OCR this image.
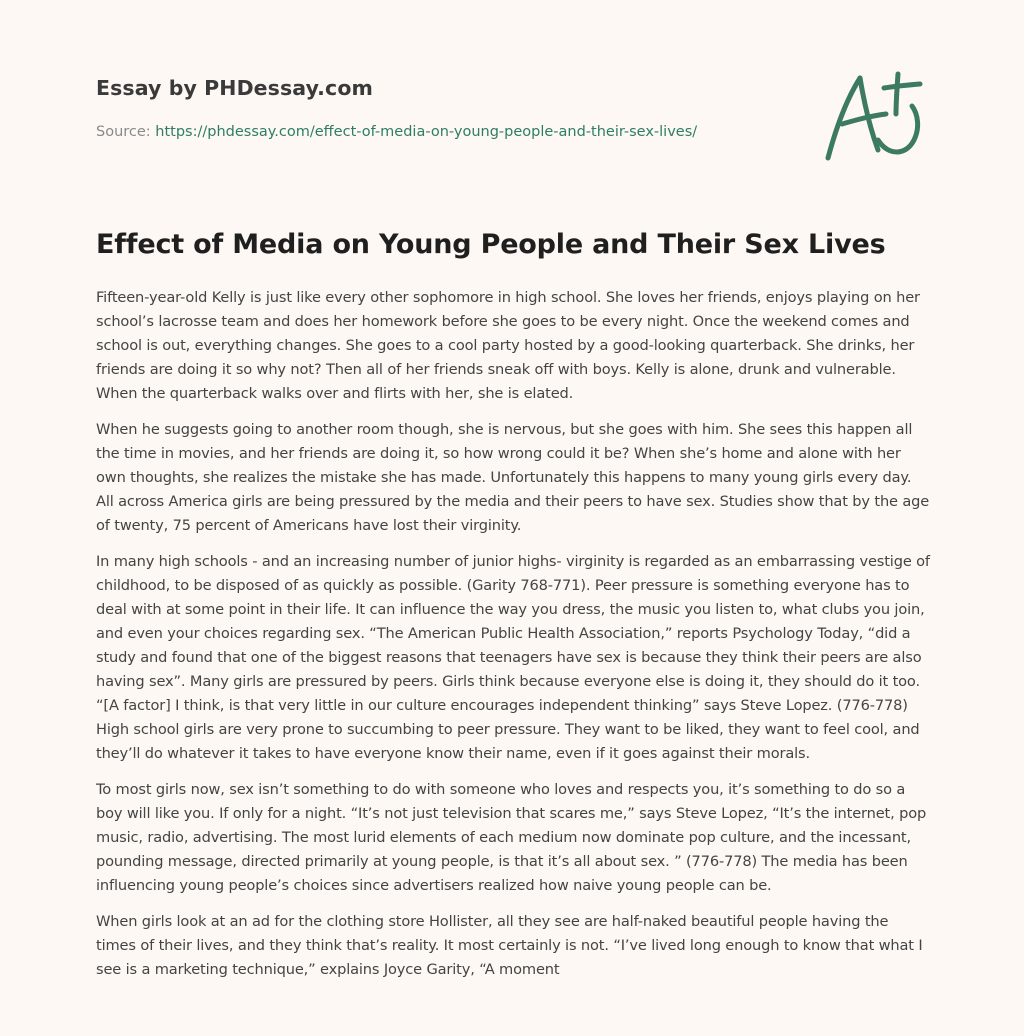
Essay by PHDessay.com
Source: https://phdessay.com/effect-of-media-on-young-people-and-their-sex-lives/
Effect of Media on Young People and Their Sex Lives

Fifteen-year-old Kelly is just like every other sophomore in high school. She loves her friends, enjoys playing on her school’s lacrosse team and does her homework before she goes to be every night. Once the weekend comes and school is out, everything changes. She goes to a cool party hosted by a good-looking quarterback. She drinks, her friends are doing it so why not? Then all of her friends sneak off with boys. Kelly is alone, drunk and vulnerable. When the quarterback walks over and flirts with her, she is elated.

When he suggests going to another room though, she is nervous, but she goes with him. She sees this happen all the time in movies, and her friends are doing it, so how wrong could it be? When she’s home and alone with her own thoughts, she realizes the mistake she has made. Unfortunately this happens to many young girls every day. All across America girls are being pressured by the media and their peers to have sex. Studies show that by the age of twenty, 75 percent of Americans have lost their virginity.

In many high schools - and an increasing number of junior highs- virginity is regarded as an embarrassing vestige of childhood, to be disposed of as quickly as possible. (Garity 768-771). Peer pressure is something everyone has to deal with at some point in their life. It can influence the way you dress, the music you listen to, what clubs you join, and even your choices regarding sex. “The American Public Health Association,” reports Psychology Today, “did a study and found that one of the biggest reasons that teenagers have sex is because they think their peers are also having sex”. Many girls are pressured by peers. Girls think because everyone else is doing it, they should do it too. “[A factor] I think, is that very little in our culture encourages independent thinking” says Steve Lopez. (776-778) High school girls are very prone to succumbing to peer pressure. They want to be liked, they want to feel cool, and they’ll do whatever it takes to have everyone know their name, even if it goes against their morals.

To most girls now, sex isn’t something to do with someone who loves and respects you, it’s something to do so a boy will like you. If only for a night. “It’s not just television that scares me,” says Steve Lopez, “It’s the internet, pop music, radio, advertising. The most lurid elements of each medium now dominate pop culture, and the incessant, pounding message, directed primarily at young people, is that it’s all about sex. ” (776-778) The media has been influencing young people’s choices since advertisers realized how naive young people can be.

When girls look at an ad for the clothing store Hollister, all they see are half-naked beautiful people having the times of their lives, and they think that’s reality. It most certainly is not. “I’ve lived long enough to know that what I see is a marketing technique,” explains Joyce Garity, “A moment
